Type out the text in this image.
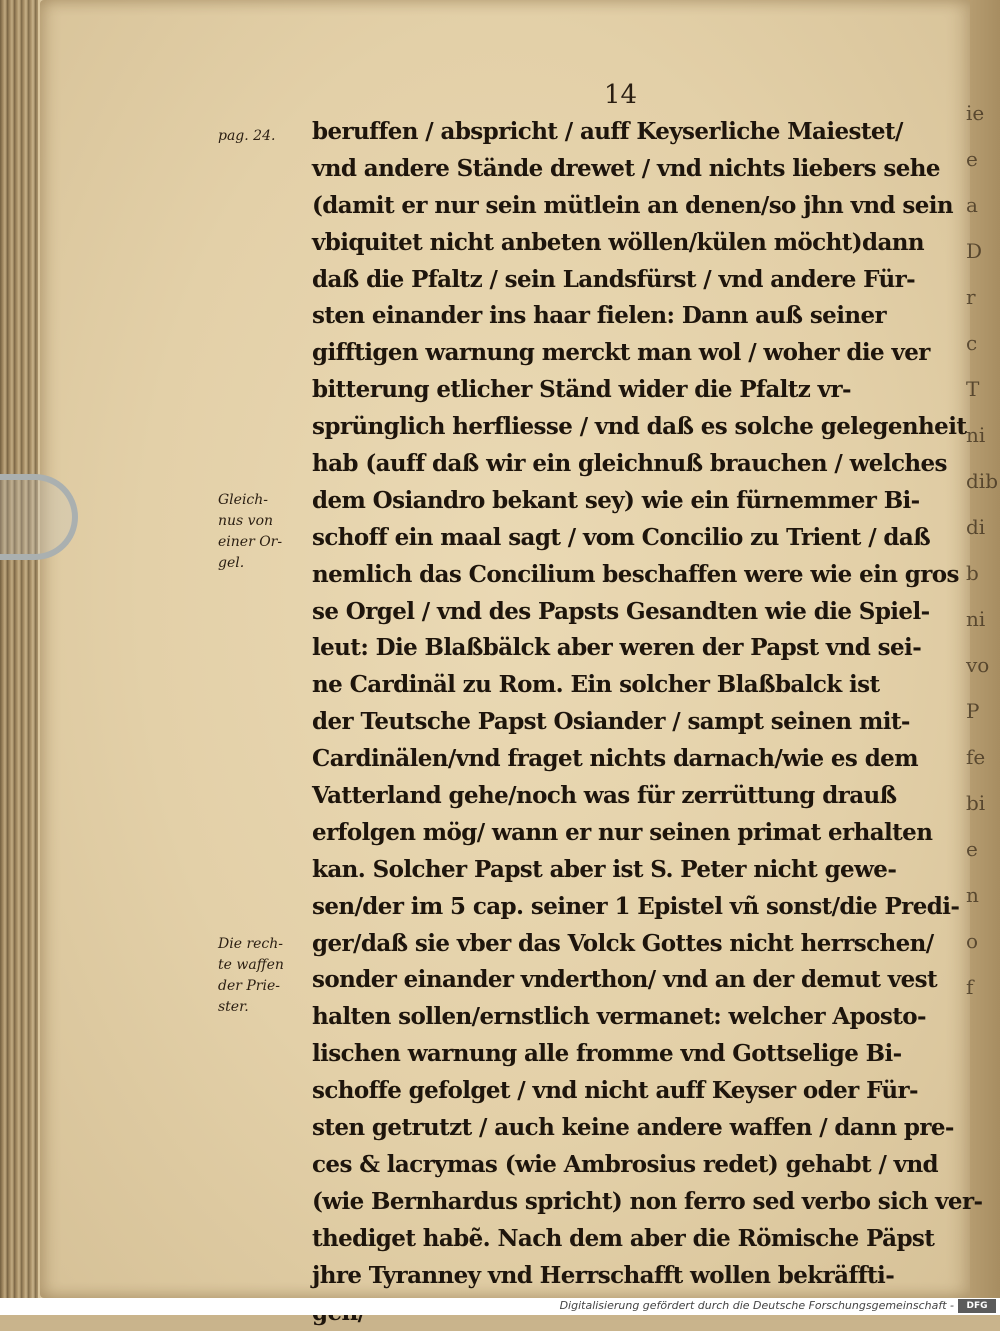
ie
e
a
D
r
c
T
ni
dib
di
b
ni
vo
P
fe
bi
e
n
o
f
14
pag. 24.
Gleich-
nus von
einer Or-
gel.
Die rech-
te waffen
der Prie-
ster.
beruffen / abspricht / auff Keyserliche Maiestet/
vnd andere Stände drewet / vnd nichts liebers sehe
(damit er nur sein mütlein an denen/so jhn vnd sein
vbiquitet nicht anbeten wöllen/külen möcht)dann
daß die Pfaltz / sein Landsfürst / vnd andere Für-
sten einander ins haar fielen: Dann auß seiner
gifftigen warnung merckt man wol / woher die ver
bitterung etlicher Ständ wider die Pfaltz vr-
sprünglich herfliesse / vnd daß es solche gelegenheit
hab (auff daß wir ein gleichnuß brauchen / welches
dem Osiandro bekant sey) wie ein fürnemmer Bi-
schoff ein maal sagt / vom Concilio zu Trient / daß
nemlich das Concilium beschaffen were wie ein gros
se Orgel / vnd des Papsts Gesandten wie die Spiel-
leut: Die Blaßbälck aber weren der Papst vnd sei-
ne Cardinäl zu Rom. Ein solcher Blaßbalck ist
der Teutsche Papst Osiander / sampt seinen mit-
Cardinälen/vnd fraget nichts darnach/wie es dem
Vatterland gehe/noch was für zerrüttung drauß
erfolgen mög/ wann er nur seinen primat erhalten
kan. Solcher Papst aber ist S. Peter nicht gewe-
sen/der im 5 cap. seiner 1 Epistel vñ sonst/die Predi-
ger/daß sie vber das Volck Gottes nicht herrschen/
sonder einander vnderthon/ vnd an der demut vest
halten sollen/ernstlich vermanet: welcher Aposto-
lischen warnung alle fromme vnd Gottselige Bi-
schoffe gefolget / vnd nicht auff Keyser oder Für-
sten getrutzt / auch keine andere waffen / dann pre-
ces & lacrymas (wie Ambrosius redet) gehabt / vnd
(wie Bernhardus spricht) non ferro sed verbo sich ver-
thediget habẽ. Nach dem aber die Römische Päpst
jhre Tyranney vnd Herrschafft wollen bekräffti-
Digitalisierung gefördert durch die Deutsche Forschungsgemeinschaft -	DFG
